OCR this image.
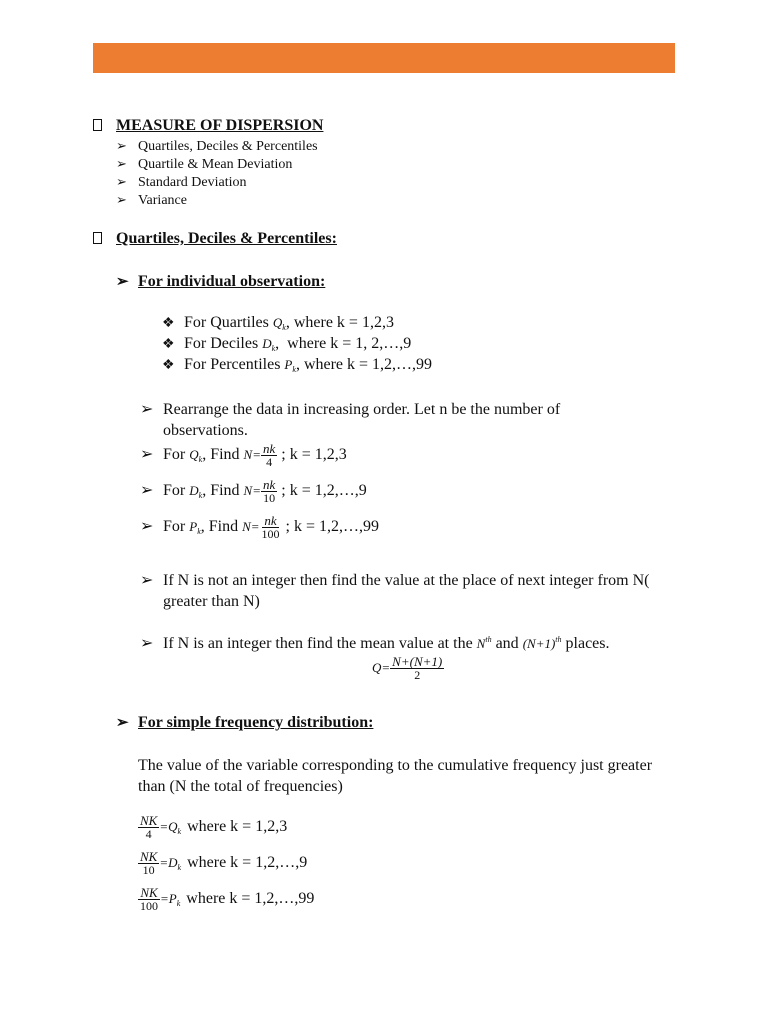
MEASURE OF DISPERSION
➢ Quartiles, Deciles & Percentiles
➢ Quartile & Mean Deviation
➢ Standard Deviation
➢ Variance
Quartiles, Deciles & Percentiles:
➢ For individual observation:
❖ For Quartiles $Q_k$, where k = 1,2,3
❖ For Deciles $D_k$,  where k = 1, 2,…,9
❖ For Percentiles $P_k$, where k = 1,2,…,99
➢ Rearrange the data in increasing order. Let n be the number of observations.
➢ For $Q_k$, Find $N= \frac{nk}{4}$ ; k = 1,2,3
➢ For $D_k$, Find $N= \frac{nk}{10}$ ; k = 1,2,…,9
➢ For $P_k$, Find $N= \frac{nk}{100}$ ; k = 1,2,…,99
➢ If N is not an integer then find the value at the place of next integer from N( greater than N)
➢ If N is an integer then find the mean value at the $N^{th}$ and $(N+1)^{th}$ places.
$Q= \frac{N+(N+1)}{2}$
➢ For simple frequency distribution:
The value of the variable corresponding to the cumulative frequency just greater than (N the total of frequencies)
$\frac{NK}{4} =Q_k$ where k = 1,2,3
$\frac{NK}{10} =D_k$ where k = 1,2,…,9
$\frac{NK}{100} =P_k$ where k = 1,2,…,99
